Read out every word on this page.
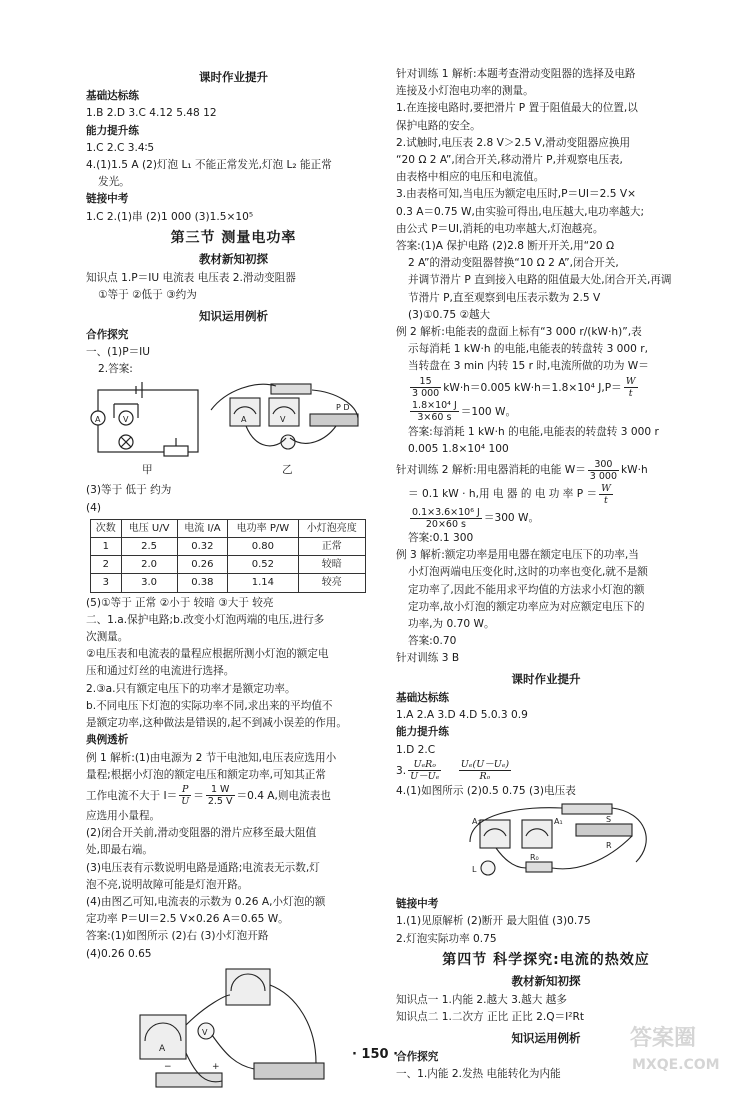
课时作业提升
基础达标练
1.B 2.D 3.C 4.12 5.48 12
能力提升练
1.C 2.C 3.4∶5
4.(1)1.5 A (2)灯泡 L₁ 不能正常发光,灯泡 L₂ 能正常
发光。
链接中考
1.C 2.(1)串 (2)1 000 (3)1.5×10⁵
第三节 测量电功率
教材新知初探
知识点 1.P＝IU 电流表 电压表 2.滑动变阻器
①等于 ②低于 ③约为
知识运用例析
合作探究
一、(1)P＝IU
2.答案:
A	V	A	V
P D
甲	乙
(3)等于 低于 约为
(4)
次数	电压 U/V	电流 I/A	电功率 P/W	小灯泡亮度
1	2.5	0.32	0.80	正常
2	2.0	0.26	0.52	较暗
3	3.0	0.38	1.14	较亮
(5)①等于 正常 ②小于 较暗 ③大于 较亮
二、1.a.保护电路;b.改变小灯泡两端的电压,进行多
次测量。
②电压表和电流表的量程应根据所测小灯泡的额定电
压和通过灯丝的电流进行选择。
2.③a.只有额定电压下的功率才是额定功率。
b.不同电压下灯泡的实际功率不同,求出来的平均值不
是额定功率,这种做法是错误的,起不到减小误差的作用。
典例透析
例 1 解析:(1)由电源为 2 节干电池知,电压表应选用小
量程;根据小灯泡的额定电压和额定功率,可知其正常
工作电流不大于 $I= \frac{P}{U} = \frac{1 W}{2.5 V} =0.4$ A,则电流表也
应选用小量程。
(2)闭合开关前,滑动变阻器的滑片应移至最大阻值
处,即最右端。
(3)电压表有示数说明电路是通路;电流表无示数,灯
泡不亮,说明故障可能是灯泡开路。
(4)由图乙可知,电流表的示数为 0.26 A,小灯泡的额
定功率 P＝UI＝2.5 V×0.26 A＝0.65 W。
答案:(1)如图所示 (2)右 (3)小灯泡开路
(4)0.26 0.65
A
V
−	+
针对训练 1 解析:本题考查滑动变阻器的选择及电路
连接及小灯泡电功率的测量。
1.在连接电路时,要把滑片 P 置于阻值最大的位置,以
保护电路的安全。
2.试触时,电压表 2.8 V＞2.5 V,滑动变阻器应换用
“20 Ω 2 A”,闭合开关,移动滑片 P,并观察电压表,
由表格中相应的电压和电流值。
3.由表格可知,当电压为额定电压时,P＝UI＝2.5 V×
0.3 A＝0.75 W,由实验可得出,电压越大,电功率越大;
由公式 P＝UI,消耗的电功率越大,灯泡越亮。
答案:(1)A 保护电路 (2)2.8 断开开关,用“20 Ω
2 A”的滑动变阻器替换“10 Ω 2 A”,闭合开关,
并调节滑片 P 直到接入电路的阻值最大处,闭合开关,再调
节滑片 P,直至观察到电压表示数为 2.5 V
(3)①0.75 ②越大
例 2 解析:电能表的盘面上标有“3 000 r/(kW·h)”,表
示每消耗 1 kW·h 的电能,电能表的转盘转 3 000 r,
当转盘在 3 min 内转 15 r 时,电流所做的功为 W＝
$\frac{15}{3 000} kW\cdot h=0.005$ kW·h＝1.8×10⁴ $J,P= \frac{W}{t}$
$\frac{\text{1.8×10⁴ J}}{3\times 60 s} =100$ W。
答案:每消耗 1 kW·h 的电能,电能表的转盘转 3 000 r
0.005 1.8×10⁴ 100
针对训练 2 解析:用电器消耗的电能 $W= \frac{300}{3 000} kW\cdot h$
＝ 0.1 kW · h,用 电 器 的 电 功 率 $P = \frac{W}{t}$
$\frac{\text{0.1×3.6×10⁶ J}}{20\times 60 s} =300$ W。
答案:0.1 300
例 3 解析:额定功率是用电器在额定电压下的功率,当
小灯泡两端电压变化时,这时的功率也变化,就不是额
定功率了,因此不能用求平均值的方法求小灯泡的额
定功率,故小灯泡的额定功率应为对应额定电压下的
功率,为 0.70 W。
答案:0.70
针对训练 3 B
课时作业提升
基础达标练
1.A 2.A 3.D 4.D 5.0.3 0.9
能力提升练
1.D 2.C
3. $\frac{\text{UₑRₒ}}{\text{U－Uₑ}}$
$\frac{\text{Uₑ(U－Uₑ)}}{\text{Rₒ}}$
4.(1)如图所示 (2)0.5 0.75 (3)电压表
A₂	A₁	S
R
L
R₀
链接中考
1.(1)见原解析 (2)断开 最大阻值 (3)0.75
2.灯泡实际功率 0.75
第四节 科学探究:电流的热效应
教材新知初探
知识点一 1.内能 2.越大 3.越大 越多
知识点二 1.二次方 正比 正比 2.Q＝I²Rt
知识运用例析
合作探究
一、1.内能 2.发热 电能转化为内能
· 150 ·
答案圈
MXQE.COM
